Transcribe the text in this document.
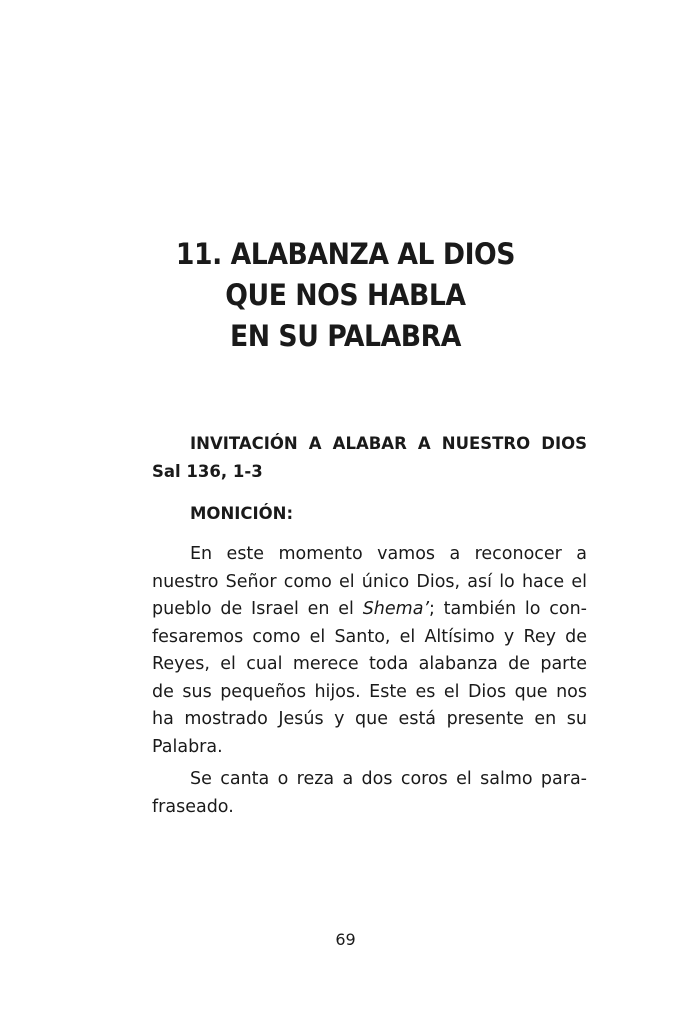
11. ALABANZA AL DIOS
QUE NOS HABLA
EN SU PALABRA
INVITACIÓN A ALABAR A NUESTRO DIOS
Sal 136, 1-3
MONICIÓN:
En este momento vamos a reconocer a
nuestro Señor como el único Dios, así lo hace el
pueblo de Israel en el Shema’; también lo con-
fesaremos como el Santo, el Altísimo y Rey de
Reyes, el cual merece toda alabanza de parte
de sus pequeños hijos. Este es el Dios que nos
ha mostrado Jesús y que está presente en su
Palabra.
Se canta o reza a dos coros el salmo para-
fraseado.
69
